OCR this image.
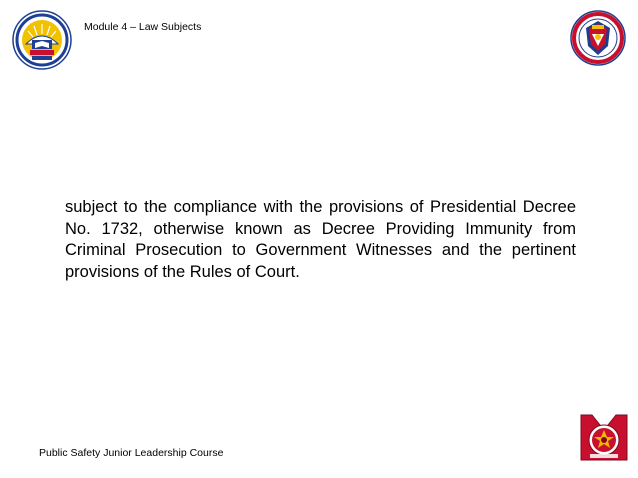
Module 4 – Law Subjects
subject to the compliance with the provisions of Presidential Decree No. 1732, otherwise known as Decree Providing Immunity from Criminal Prosecution to Government Witnesses and the pertinent provisions of the Rules of Court.
Public Safety Junior Leadership Course
